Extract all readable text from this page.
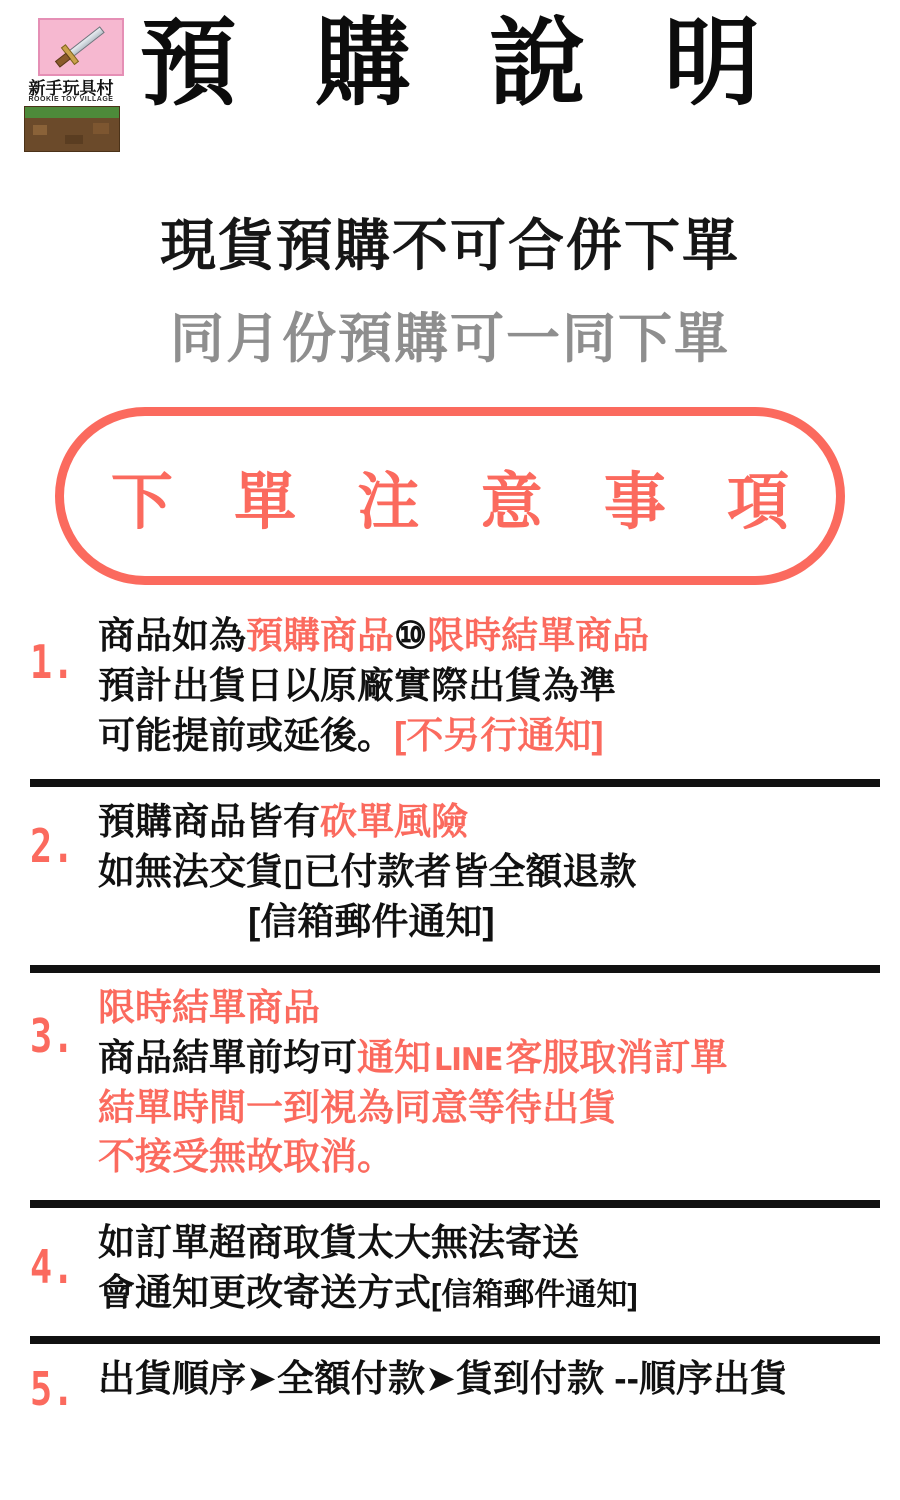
新手玩具村
ROOKIE TOY VILLAGE 預 購 說 明
現貨預購不可合併下單
同月份預購可一同下單
下 單 注 意 事 項
1. 商品如為預購商品⑩限時結單商品
預計出貨日以原廠實際出貨為準
可能提前或延後。[不另行通知]
2. 預購商品皆有砍單風險
如無法交貨▯已付款者皆全額退款
[信箱郵件通知]
3.
限時結單商品
商品結單前均可通知LINE客服取消訂單
結單時間一到視為同意等待出貨
不接受無故取消。
4. 如訂單超商取貨太大無法寄送
會通知更改寄送方式[信箱郵件通知]
5. 出貨順序➤全額付款➤貨到付款 --順序出貨
